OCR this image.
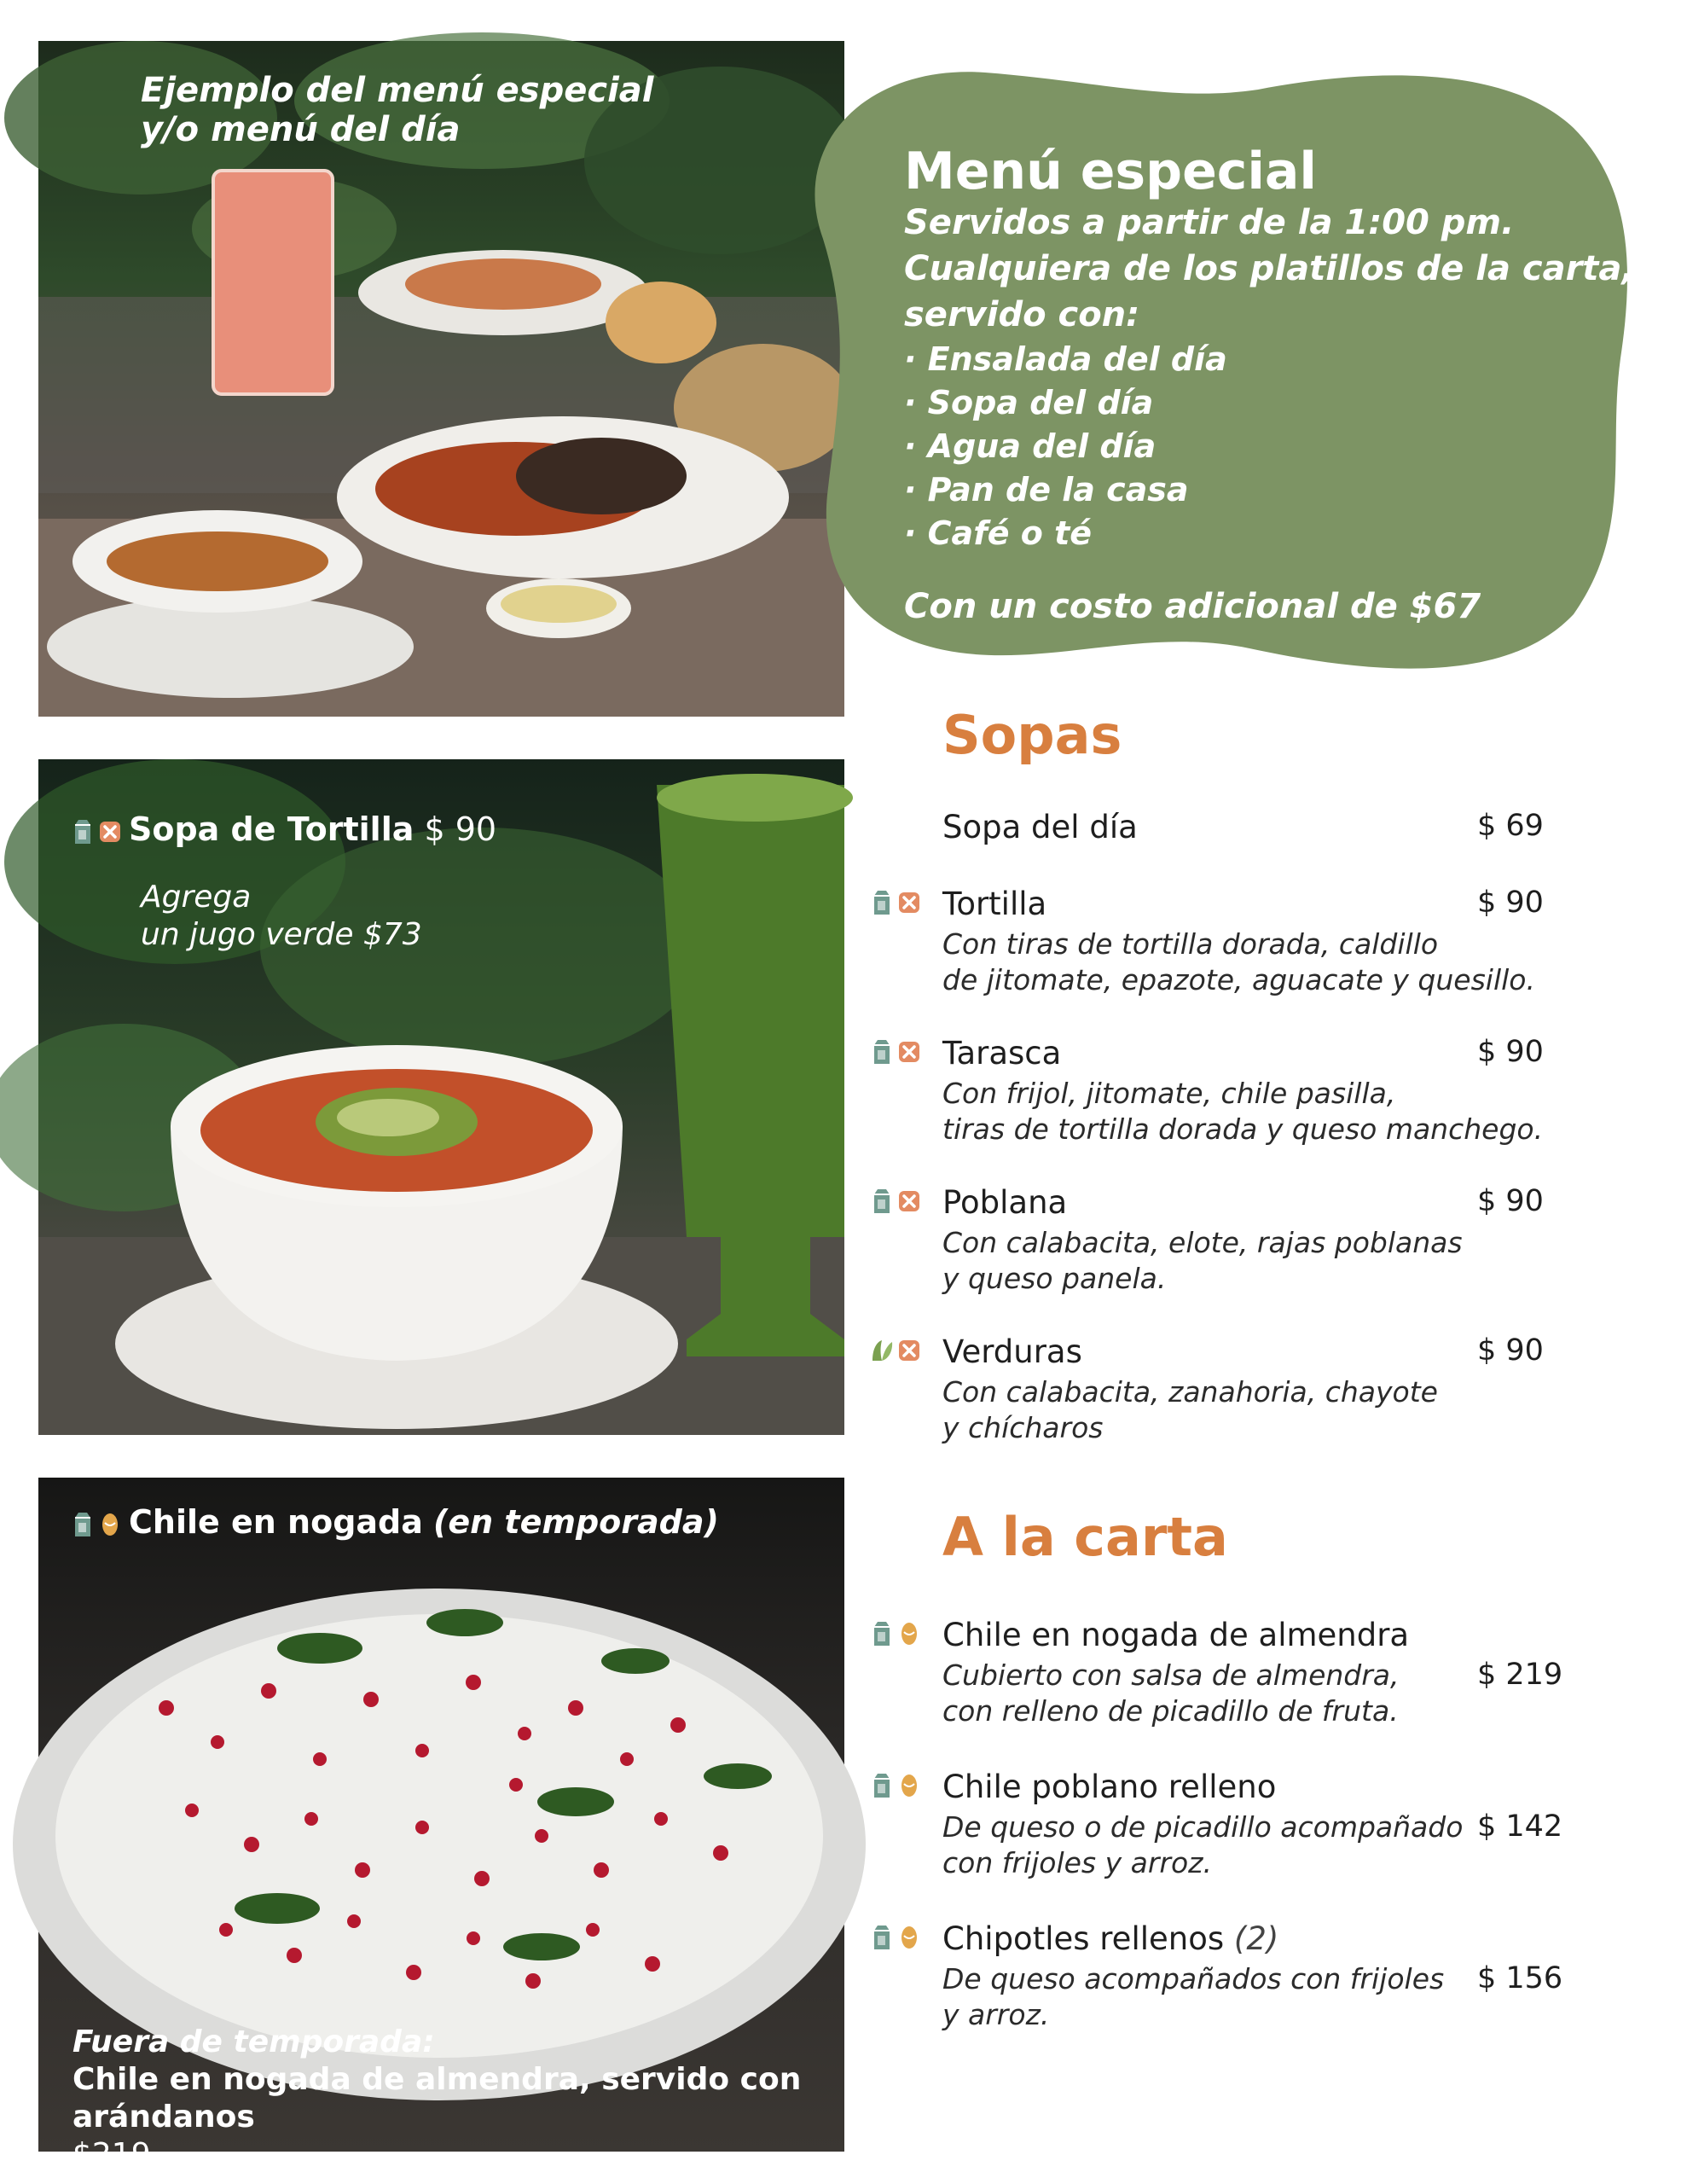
Ejemplo del menú especial
y/o menú del día
Sopa de Tortilla $ 90
Agrega
un jugo verde $73
Chile en nogada (en temporada)
Fuera de temporada:
Chile en nogada de almendra, servido con arándanos
$219
Menú especial
Servidos a partir de la 1:00 pm.
Cualquiera de los platillos de la carta,
servido con:
· Ensalada del día
· Sopa del día
· Agua del día
· Pan de la casa
· Café o té
Con un costo adicional de $67
Sopas
Sopa del día	$ 69
Tortilla	$ 90
Con tiras de tortilla dorada, caldillo
de jitomate, epazote, aguacate y quesillo.
Tarasca	$ 90
Con frijol, jitomate, chile pasilla,
tiras de tortilla dorada y queso manchego.
Poblana	$ 90
Con calabacita, elote, rajas poblanas
y queso panela.
Verduras	$ 90
Con calabacita, zanahoria, chayote
y chícharos
A la carta
Chile en nogada de almendra
$ 219
Cubierto con salsa de almendra,
con relleno de picadillo de fruta.
Chile poblano relleno
$ 142
De queso o de picadillo acompañado
con frijoles y arroz.
Chipotles rellenos (2)
$ 156
De queso acompañados con frijoles
y arroz.
